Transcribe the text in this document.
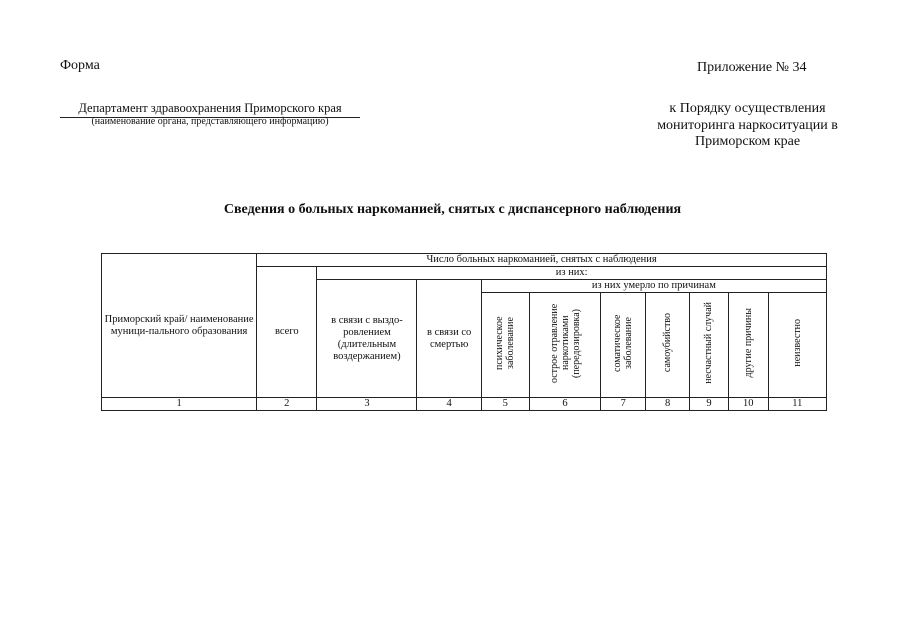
Форма	Приложение № 34
Департамент здравоохранения Приморского края
(наименование органа, представляющего информацию)
к Порядку осуществления мониторинга наркоситуации в Приморском крае
Сведения о больных наркоманией, снятых с диспансерного наблюдения
Приморский край/ наименование муници-пального образования	Число больных наркоманией, снятых с наблюдения									
	всего	из них:								
		в связи с выздо-ровлением (длительным воздержанием)	в связи со смертью	из них умерло по причинам						
				психическое заболевание	острое отравление наркотиками (передозировка)	соматическое заболевание	самоубийство	несчастный случай	другие причины	неизвестно
1	2	3	4	5	6	7	8	9	10	11
